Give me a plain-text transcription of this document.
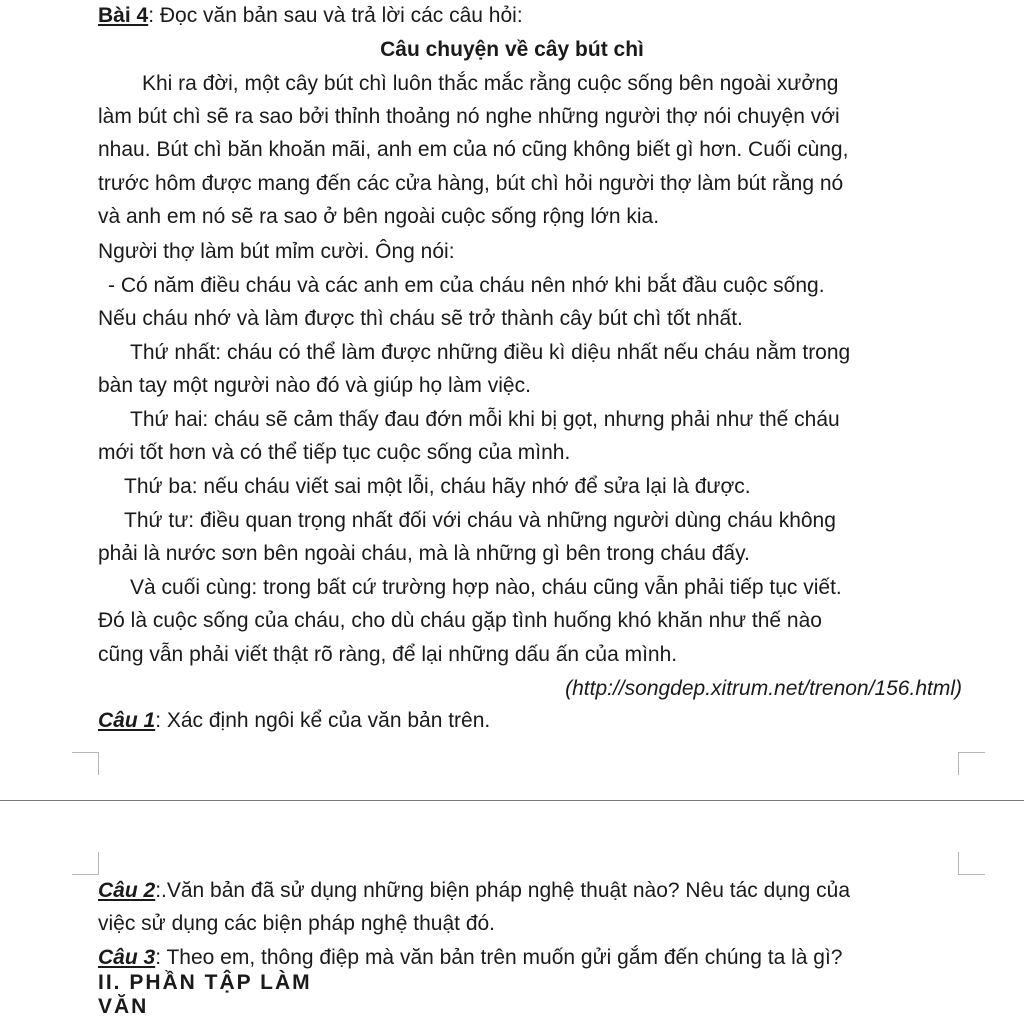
Bài 4: Đọc văn bản sau và trả lời các câu hỏi:
Câu chuyện về cây bút chì
Khi ra đời, một cây bút chì luôn thắc mắc rằng cuộc sống bên ngoài xưởng
làm bút chì sẽ ra sao bởi thỉnh thoảng nó nghe những người thợ nói chuyện với
nhau. Bút chì băn khoăn mãi, anh em của nó cũng không biết gì hơn. Cuối cùng,
trước hôm được mang đến các cửa hàng, bút chì hỏi người thợ làm bút rằng nó
và anh em nó sẽ ra sao ở bên ngoài cuộc sống rộng lớn kia.
Người thợ làm bút mỉm cười. Ông nói:
- Có năm điều cháu và các anh em của cháu nên nhớ khi bắt đầu cuộc sống.
Nếu cháu nhớ và làm được thì cháu sẽ trở thành cây bút chì tốt nhất.
Thứ nhất: cháu có thể làm được những điều kì diệu nhất nếu cháu nằm trong
bàn tay một người nào đó và giúp họ làm việc.
Thứ hai: cháu sẽ cảm thấy đau đớn mỗi khi bị gọt, nhưng phải như thế cháu
mới tốt hơn và có thể tiếp tục cuộc sống của mình.
Thứ ba: nếu cháu viết sai một lỗi, cháu hãy nhớ để sửa lại là được.
Thứ tư: điều quan trọng nhất đối với cháu và những người dùng cháu không
phải là nước sơn bên ngoài cháu, mà là những gì bên trong cháu đấy.
Và cuối cùng: trong bất cứ trường hợp nào, cháu cũng vẫn phải tiếp tục viết.
Đó là cuộc sống của cháu, cho dù cháu gặp tình huống khó khăn như thế nào
cũng vẫn phải viết thật rõ ràng, để lại những dấu ấn của mình.
(http://songdep.xitrum.net/trenon/156.html)
Câu 1: Xác định ngôi kể của văn bản trên.
Câu 2:.Văn bản đã sử dụng những biện pháp nghệ thuật nào? Nêu tác dụng của
việc sử dụng các biện pháp nghệ thuật đó.
Câu 3: Theo em, thông điệp mà văn bản trên muốn gửi gắm đến chúng ta là gì?
II. PHẦN TẬP LÀM VĂN
